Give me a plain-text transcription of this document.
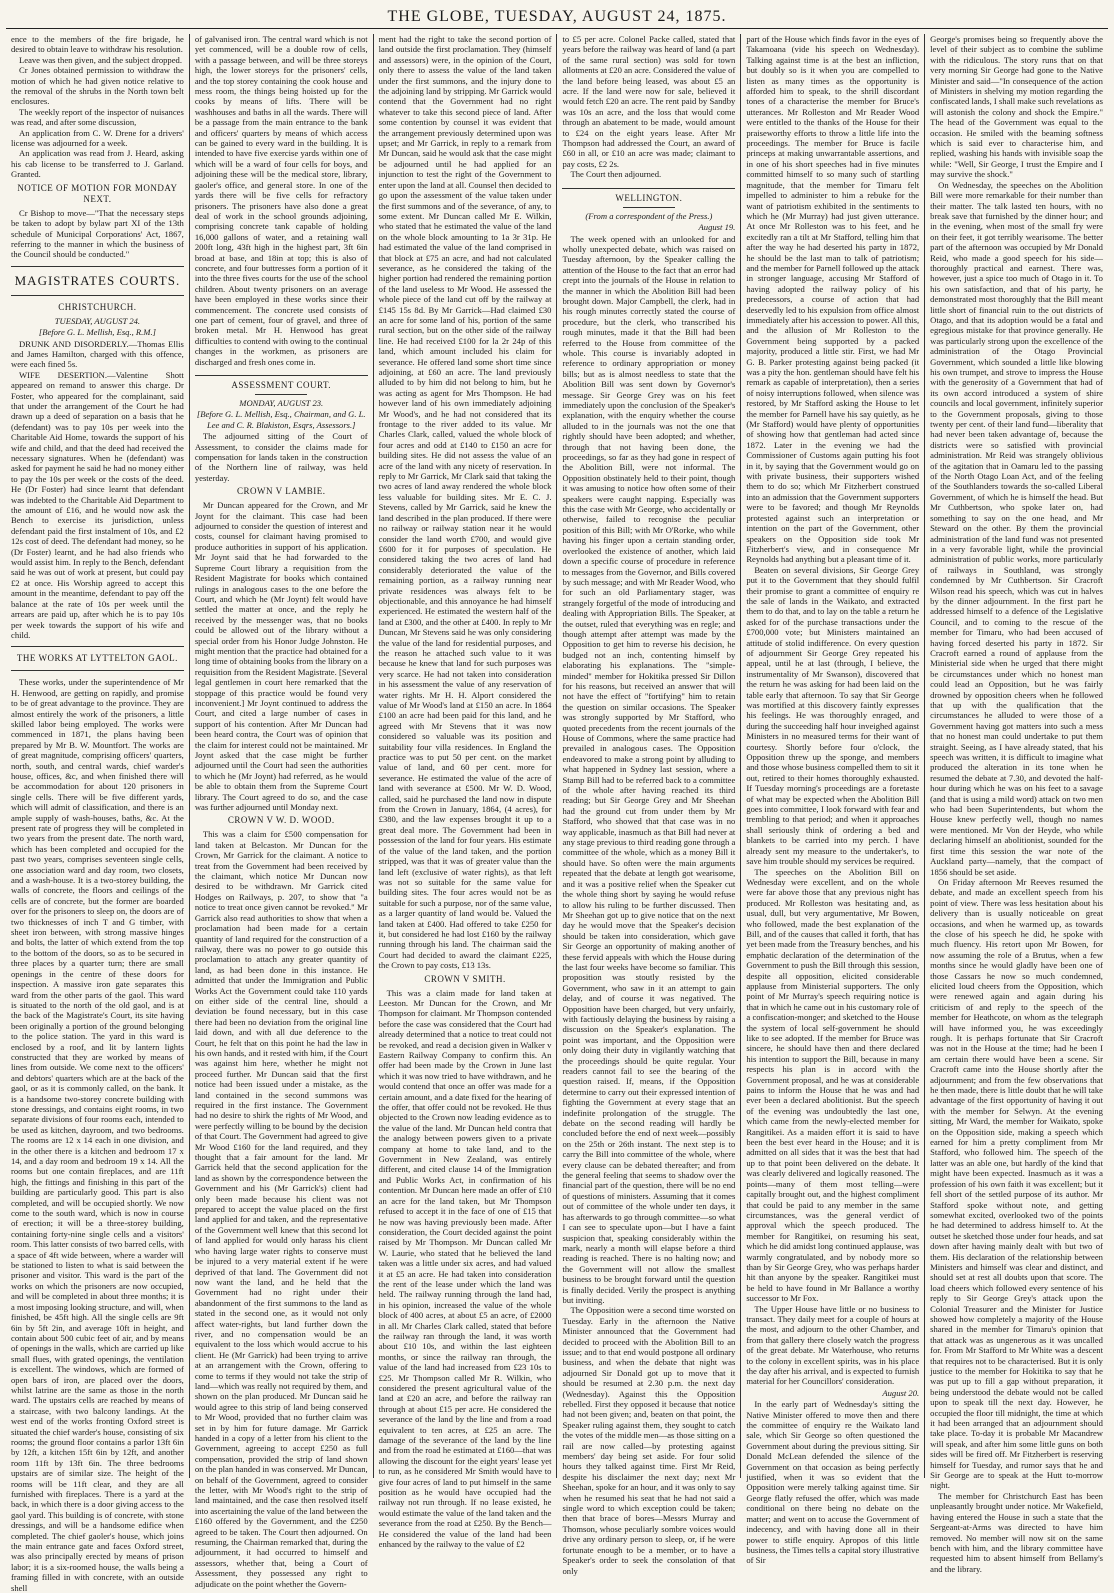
THE GLOBE, TUESDAY, AUGUST 24, 1875.

ence to the members of the fire brigade, he desired to obtain leave to withdraw his resolution.

Leave was then given, and the subject dropped.

Cr Jones obtained permission to withdraw the motion of which he had given notice relative to the removal of the shrubs in the North town belt enclosures.

The weekly report of the inspector of nuisances was read, and after some discussion,

An application from C. W. Drene for a drivers' license was adjourned for a week.

An application was read from J. Heard, asking his cab license to be transferred to J. Garland. Granted.

NOTICE OF MOTION FOR MONDAY NEXT.

Cr Bishop to move—"That the necessary steps be taken to adopt by bylaw part XI of the 13th schedule of Municipal Corporations' Act, 1867, referring to the manner in which the business of the Council should be conducted."

MAGISTRATES COURTS.
CHRISTCHURCH.
TUESDAY, AUGUST 24.
[Before G. L. Mellish, Esq., R.M.]

DRUNK AND DISORDERLY.—Thomas Ellis and James Hamilton, charged with this offence, were each fined 5s.

WIFE DESERTION.—Valentine Shott appeared on remand to answer this charge. Dr Foster, who appeared for the complainant, said that under the arrangement of the Court he had drawn up a deed of separation on a basis that he (defendant) was to pay 10s per week into the Charitable Aid Home, towards the support of his wife and child, and that the deed had received the necessary signatures. When he (defendant) was asked for payment he said he had no money either to pay the 10s per week or the costs of the deed. He (Dr Foster) had since learnt that defendant was indebted to the Charitable Aid Department to the amount of £16, and he would now ask the Bench to exercise its jurisdiction, unless defendant paid the first instalment of 10s, and £2 12s cost of deed. The defendant had money, so he (Dr Foster) learnt, and he had also friends who would assist him. In reply to the Bench, defendant said he was out of work at present, but could pay £2 at once. His Worship agreed to accept this amount in the meantime, defendant to pay off the balance at the rate of 10s per week until the arrears are paid up, after which he is to pay 10s per week towards the support of his wife and child.

THE WORKS AT LYTTELTON GAOL.

These works, under the superintendence of Mr H. Henwood, are getting on rapidly, and promise to be of great advantage to the province. They are almost entirely the work of the prisoners, a little skilled labor being employed. The works were commenced in 1871, the plans having been prepared by Mr B. W. Mountfort. The works are of great magnitude, comprising officers' quarters, north, south, and central wards, chief warder's house, offices, &c, and when finished there will be accommodation for about 120 prisoners in single cells. There will be five different yards, which will admit of classification, and there is an ample supply of wash-houses, baths, &c. At the present rate of progress they will be completed in two years from the present date. The north ward, which has been completed and occupied for the past two years, comprises seventeen single cells, one association ward and day room, two closets, and a wash-house. It is a two-storey building, the walls of concrete, the floors and ceilings of the cells are of concrete, but the former are boarded over for the prisoners to sleep on, the doors are of two thicknesses of inch T and G timber, with sheet iron between, with strong massive hinges and bolts, the latter of which extend from the top to the bottom of the doors, so as to be secured in three places by a quarter turn; there are small openings in the centre of these doors for inspection. A massive iron gate separates this ward from the other parts of the gaol. This ward is situated to the north of the old gaol, and is at the back of the Magistrate's Court, its site having been originally a portion of the ground belonging to the police station. The yard in this ward is enclosed by a roof, and lit by lantern lights constructed that they are worked by means of lines from outside. We come next to the officers' and debtors' quarters which are at the back of the gaol, or as it is commonly called, on the bank. It is a handsome two-storey concrete building with stone dressings, and contains eight rooms, in two separate divisions of four rooms each, intended to be used as kitchen, dayroom, and two bedrooms. The rooms are 12 x 14 each in one division, and in the other there is a kitchen and bedroom 17 x 14, and a day room and bedroom 19 x 14. All the rooms but one contain fireplaces, and are 11ft high, the fittings and finishing in this part of the building are particularly good. This part is also completed, and will be occupied shortly. We now come to the south ward, which is now in course of erection; it will be a three-storey building, containing forty-nine single cells and a visitors' room. This latter consists of two barred cells, with a space of 4ft wide between, where a warder will be stationed to listen to what is said between the prisoner and visitor. This ward is the part of the works on which the prisoners are now occupied, and will be completed in about three months; it is a most imposing looking structure, and will, when finished, be 45ft high. All the single cells are 9ft 6in by 5ft 2in, and average 10ft in height, and contain about 500 cubic feet of air, and by means of openings in the walls, which are carried up like small flues, with grated openings, the ventilation is excellent. The windows, which are formed of open bars of iron, are placed over the doors, whilst latrine are the same as those in the north ward. The upstairs cells are reached by means of a staircase, with two balcony landings. At the west end of the works fronting Oxford street is situated the chief warder's house, consisting of six rooms; the ground floor contains a parlor 13ft 6in by 12ft, a kitchen 15ft 6in by 12ft, and another room 11ft by 13ft 6in. The three bedrooms upstairs are of similar size. The height of the rooms will be 11ft clear, and they are all furnished with fireplaces. There is a yard at the back, in which there is a door giving access to the gaol yard. This building is of concrete, with stone dressings, and will be a handsome edifice when completed. The chief gaoler's house, which joins the main entrance gate and faces Oxford street, was also principally erected by means of prison labor; it is a six-roomed house, the walls being a framing filled in with concrete, with an outside shell

of galvanised iron. The central ward which is not yet commenced, will be a double row of cells, with a passage between, and will be three storeys high, the lower storeys for the prisoners' cells, and the top storey containing the cook house and mess room, the things being hoisted up for the cooks by means of lifts. There will be washhouses and baths in all the wards. There will be a passage from the main entrance to the bank and officers' quarters by means of which access can be gained to every ward in the building. It is intended to have five exercise yards within one of which will be a ward of four cells for boys, and adjoining these will be the medical store, library, gaoler's office, and general store. In one of the yards there will be five cells for refractory prisoners. The prisoners have also done a great deal of work in the school grounds adjoining, comprising concrete tank capable of holding 16,000 gallons of water, and a retaining wall 200ft long, 43ft high in the highest part, 3ft 6in broad at base, and 18in at top; this is also of concrete, and four buttresses form a portion of it into the three fives courts for the use of the school children. About twenty prisoners on an average have been employed in these works since their commencement. The concrete used consists of one part of cement, four of gravel, and three of broken metal. Mr H. Henwood has great difficulties to contend with owing to the continual changes in the workmen, as prisoners are discharged and fresh ones come in.

ASSESSMENT COURT.
MONDAY, AUGUST 23.
[Before G. L. Mellish, Esq., Chairman, and G. L. Lee and C. R. Blakiston, Esqrs, Assessors.]

The adjourned sitting of the Court of Assessment, to consider the claims made for compensation for lands taken in the construction of the Northern line of railway, was held yesterday.

CROWN V LAMBIE.

Mr Duncan appeared for the Crown, and Mr Joynt for the claimant. This case had been adjourned to consider the question of interest and costs, counsel for claimant having promised to produce authorities in support of his application. Mr Joynt said that he had forwarded to the Supreme Court library a requisition from the Resident Magistrate for books which contained rulings in analogous cases to the one before the Court, and which he (Mr Joynt) felt would have settled the matter at once, and the reply he received by the messenger was, that no books could be allowed out of the library without a special order from his Honor Judge Johnston. He might mention that the practice had obtained for a long time of obtaining books from the library on a requisition from the Resident Magistrate. [Several legal gentlemen in court here remarked that the stoppage of this practice would be found very inconvenient.] Mr Joynt continued to address the Court, and cited a large number of cases in support of his contention. After Mr Duncan had been heard contra, the Court was of opinion that the claim for interest could not be maintained. Mr Joynt asked that the case might be further adjourned until the Court had seen the authorities to which he (Mr Joynt) had referred, as he would be able to obtain them from the Supreme Court library. The Court agreed to do so, and the case was further adjourned until Monday next.

CROWN V W. D. WOOD.

This was a claim for £500 compensation for land taken at Belcaston. Mr Duncan for the Crown, Mr Garrick for the claimant. A notice to treat from the Government had been received by the claimant, which notice Mr Duncan now desired to be withdrawn. Mr Garrick cited Hodges on Railways, p. 207, to show that "a notice to treat once given cannot be revoked." Mr Garrick also read authorities to show that when a proclamation had been made for a certain quantity of land required for the construction of a railway, there was no power to go outside this proclamation to attach any greater quantity of land, as had been done in this instance. He admitted that under the Immigration and Public Works Act the Government could take 110 yards on either side of the central line, should a deviation be found necessary, but in this case there had been no deviation from the original line laid down, and with all due deference to the Court, he felt that on this point he had the law in his own hands, and it rested with him, if the Court was against him here, whether he might not proceed further. Mr Duncan said that the first notice had been issued under a mistake, as the land contained in the second summons was required in the first instance. The Government had no desire to shirk the rights of Mr Wood, and were perfectly willing to be bound by the decision of that Court. The Government had agreed to give Mr Wood £160 for the land required, and they thought that a fair amount for the land. Mr Garrick held that the second application for the land as shown by the correspondence between the Government and his (Mr Garrick's) client had only been made because his client was not prepared to accept the value placed on the first land applied for and taken, and the representative of the Government well knew that this second lot of land applied for would only harass his client who having large water rights to conserve must be injured to a very material extent if he were deprived of that land. The Government did not now want the land, and he held that the Government had no right under their abandonment of the first summons to the land as stated in the second one, as it would not only affect water-rights, but land further down the river, and no compensation would be an equivalent to the loss which would accrue to his client. He (Mr Garrick) had been trying to arrive at an arrangement with the Crown, offering to come to terms if they would not take the strip of land—which was really not required by them, and shown on the plan produced. Mr Duncan said he would agree to this strip of land being conserved to Mr Wood, provided that no further claim was set in by him for future damage. Mr Garrick handed in a copy of a letter from his client to the Government, agreeing to accept £250 as full compensation, provided the strip of land shown on the plan handed in was conserved. Mr Duncan, on behalf of the Government, agreed to consider the letter, with Mr Wood's right to the strip of land maintained, and the case then resolved itself into ascertaining the value of the land between the £160 offered by the Government, and the £250 agreed to be taken. The Court then adjourned. On resuming, the Chairman remarked that, during the adjournment, it had occurred to himself and assessors, whether that, being a Court of Assessment, they possessed any right to adjudicate on the point whether the Govern-

ment had the right to take the second portion of land outside the first proclamation. They (himself and assessors) were, in the opinion of the Court, only there to assess the value of the land taken under the first summons, and the injury done to the adjoining land by stripping. Mr Garrick would contend that the Government had no right whatever to take this second piece of land. After some contention by counsel it was evident that the arrangement previously determined upon was upset; and Mr Garrick, in reply to a remark from Mr Duncan, said he would ask that the case might be adjourned until he had applied for an injunction to test the right of the Government to enter upon the land at all. Counsel then decided to go upon the assessment of the value taken under the first summons and of the severance, of any, to some extent. Mr Duncan called Mr E. Wilkin, who stated that he estimated the value of the land on the whole block amounting to 1a 3r 31p. He had estimated the value of the land comprised in that block at £75 an acre, and had not calculated severance, as he considered the taking of the higher portion had rendered the remaining portion of the land useless to Mr Wood. He assessed the whole piece of the land cut off by the railway at £145 15s 8d. By Mr Garrick—Had claimed £30 an acre for some land of his, portion of the same rural section, but on the other side of the railway line. He had received £100 for la 2r 24p of this land, which amount included his claim for severance. He offered land some short time since adjoining, at £60 an acre. The land previously alluded to by him did not belong to him, but he was acting as agent for Mrs Thompson. He had however land of his own immediately adjoining Mr Wood's, and he had not considered that its frontage to the river added to its value. Mr Charles Clark, called, valued the whole block of four acres and odd at £140 to £150 an acre for building sites. He did not assess the value of an acre of the land with any nicety of reservation. In reply to Mr Garrick, Mr Clark said that taking the two acres of land away rendered the whole block less valuable for building sites. Mr E. C. J. Stevens, called by Mr Garrick, said he knew the land described in the plan produced. If there were no railway or railway station near it he would consider the land worth £700, and would give £600 for it for purposes of speculation. He considered taking the two acres of land had considerably deteriorated the value of the remaining portion, as a railway running near private residences was always felt to be objectionable, and this annoyance he had himself experienced. He estimated the western half of the land at £300, and the other at £400. In reply to Mr Duncan, Mr Stevens said he was only considering the value of the land for residential purposes, and the reason he attached such value to it was because he knew that land for such purposes was very scarce. He had not taken into consideration in his assessment the value of any reservation of water rights. Mr H. H. Alport considered the value of Mr Wood's land at £150 an acre. In 1864 £100 an acre had been paid for this land, and he agreed with Mr Stevens that it was now considered so valuable was its position and suitability four villa residences. In England the practice was to put 50 per cent. on the market value of land, and 60 per cent. more for severance. He estimated the value of the acre of land with severance at £500. Mr W. D. Wood, called, said he purchased the land now in dispute from the Crown in January, 1864, (4 acres), for £380, and the law expenses brought it up to a great deal more. The Government had been in possession of the land for four years. His estimate of the value of the land taken, and the portion stripped, was that it was of greater value than the land left (exclusive of water rights), as that left was not so suitable for the same value for building sites. The four acres would not be as suitable for such a purpose, nor of the same value, as a larger quantity of land would be. Valued the land taken at £400. Had offered to take £250 for it, but considered he had lost £160 by the railway running through his land. The chairman said the Court had decided to award the claimant £225, the Crown to pay costs, £13 13s.

CROWN V SMITH.

This was a claim made for land taken at Leeston. Mr Duncan for the Crown, and Mr Thompson for claimant. Mr Thompson contended before the case was considered that the Court had already determined that a notice to treat could not be revoked, and read a decision given in Walker v Eastern Railway Company to confirm this. An offer had been made by the Crown in June last which it was now tried to have withdrawn, and he would contend that once an offer was made for a certain amount, and a date fixed for the hearing of the offer, that offer could not be revoked. He thus objected to the Crown now leading evidence as to the value of the land. Mr Duncan held contra that the analogy between powers given to a private company at home to take land, and to the Government in New Zealand, was entirely different, and cited clause 14 of the Immigration and Public Works Act, in confirmation of his contention. Mr Duncan here made an offer of £10 an acre for the land taken, but Mr Thompson refused to accept it in the face of one of £15 that he now was having previously been made. After consideration, the Court decided against the point raised by Mr Thompson. Mr Duncan called Mr W. Laurie, who stated that he believed the land taken was a little under six acres, and had valued it at £5 an acre. He had taken into consideration the rent of the lease under which the land was held. The railway running through the land had, in his opinion, increased the value of the whole block of 400 acres, at about £5 an acre, of £2000 in all. Mr Charles Clark called, stated that before the railway ran through the land, it was worth about £10 10s, and within the last eighteen months, or since the railway ran through, the value of the land had increased from £23 10s to £25. Mr Thompson called Mr R. Wilkin, who considered the present agricultural value of the land at £20 an acre, and before the railway ran through at about £15 per acre. He considered the severance of the land by the line and from a road equivalent to ten acres, at £25 an acre. The damage of the severance of the land by the line and from the road he estimated at £160—that was allowing the discount for the eight years' lease yet to run, as he considered Mr Smith would have to give four acres of land to put himself in the same position as he would have occupied had the railway not run through. If no lease existed, he would estimate the value of the land taken and the severance from the road at £250. By the Bench—He considered the value of the land had been enhanced by the railway to the value of £2

to £5 per acre. Colonel Packe called, stated that years before the railway was heard of land (a part of the same rural section) was sold for town allotments at £20 an acre. Considered the value of the land before being leased, was about £5 an acre. If the land were now for sale, believed it would fetch £20 an acre. The rent paid by Sandby was 10s an acre, and the loss that would come through an abatement to be made, would amount to £24 on the eight years lease. After Mr Thompson had addressed the Court, an award of £60 in all, or £10 an acre was made; claimant to pay costs, £2 2s.

The Court then adjourned.

WELLINGTON.
(From a correspondent of the Press.)
August 19.

The week opened with an unlooked for and wholly unexpected debate, which was raised on Tuesday afternoon, by the Speaker calling the attention of the House to the fact that an error had crept into the journals of the House in relation to the manner in which the Abolition Bill had been brought down. Major Campbell, the clerk, had in his rough minutes correctly stated the course of procedure, but the clerk, who transcribed his rough minutes, made it that the Bill had been referred to the House from committee of the whole. This course is invariably adopted in reference to ordinary appropriation or money bills; but as is almost needless to state that the Abolition Bill was sent down by Governor's message. Sir George Grey was on his feet immediately upon the conclusion of the Speaker's explanation, with the enquiry whether the course alluded to in the journals was not the one that rightly should have been adopted; and whether, through that not having been done, the proceedings, so far as they had gone in respect of the Abolition Bill, were not informal. The Opposition obstinately held to their point, though it was amusing to notice how often some of their speakers were caught napping. Especially was this the case with Mr George, who accidentally or otherwise, failed to recognise the peculiar position of this Bill; with Mr O'Rorke, who while having his finger upon a certain standing order, overlooked the existence of another, which laid down a specific course of procedure in reference to messages from the Governor, and Bills covered by such message; and with Mr Reader Wood, who for such an old Parliamentary stager, was strangely forgetful of the mode of introducing and dealing with Appropriation Bills. The Speaker, at the outset, ruled that everything was en regle; and though attempt after attempt was made by the Opposition to get him to reverse his decision, he budged not an inch, contenting himself by elaborating his explanations. The "simple-minded" member for Hokitika pressed Sir Dillon for his reasons, but received an answer that will not have the effect of "fortifying" him to retain the question on similar occasions. The Speaker was strongly supported by Mr Stafford, who quoted precedents from the recent journals of the House of Commons, where the same practice had prevailed in analogous cases. The Opposition endeavored to make a strong point by alluding to what happened in Sydney last session, where a Stamp Bill had to be referred back to a committee of the whole after having reached its third reading; but Sir George Grey and Mr Sheehan had the ground cut from under them by Mr Stafford, who showed that that case was in no way applicable, inasmuch as that Bill had never at any stage previous to third reading gone through a committee of the whole, which as a money Bill it should have. So often were the main arguments repeated that the debate at length got wearisome, and it was a positive relief when the Speaker cut the whole thing short by saying he would refuse to allow his ruling to be further discussed. Then Mr Sheehan got up to give notice that on the next day he would move that the Speaker's decision should be taken into consideration, which gave Sir George an opportunity of making another of these fervid appeals with which the House during the last four weeks have become so familiar. This proposition was stoutly resisted by the Government, who saw in it an attempt to gain delay, and of course it was negatived. The Opposition have been charged, but very unfairly, with factiously delaying the business by raising a discussion on the Speaker's explanation. The point was important, and the Opposition were only doing their duty in vigilantly watching that the proceedings should be quite regular. Your readers cannot fail to see the bearing of the question raised. If, means, if the Opposition determine to carry out their expressed intention of fighting the Government at every stage that an indefinite prolongation of the struggle. The debate on the second reading will hardly be concluded before the end of next week—possibly on the 25th or 26th instant. The next step is to carry the Bill into committee of the whole, where every clause can be debated thereafter; and from the general feeling that seems to shadow over the financial part of the question, there will be no end of questions of ministers. Assuming that it comes out of committee of the whole under ten days, it has afterwards to go through committee—so what I can see to speculate upon—but I have a faint suspicion that, speaking considerably within the mark, nearly a month will elapse before a third reading is reached. There is no halting now; and the Government will not allow the smallest business to be brought forward until the question is finally decided. Verily the prospect is anything but inviting.

The Opposition were a second time worsted on Tuesday. Early in the afternoon the Native Minister announced that the Government had decided to proceed with the Abolition Bill to an issue; and to that end would postpone all ordinary business, and when the debate that night was adjourned Sir Donald got up to move that it should be resumed at 2.30 p.m. the next day (Wednesday). Against this the Opposition rebelled. First they opposed it because that notice had not been given; and, beaten on that point, the Speaker ruling against them, they sought to catch the votes of the middle men—as those sitting on a rail are now called—by protesting against members' day being set aside. For four solid hours they talked against time. First Mr Reid, despite his disclaimer the next day; next Mr Sheehan, spoke for an hour, and it was only to say when he resumed his seat that he had not said a single word to which exception could be taken; then that brace of bores—Messrs Murray and Thomson, whose peculiarly sombre voices would drive any ordinary person to sleep, or, if he were fortunate enough to be a member, or to have a Speaker's order to seek the consolation of that only

part of the House which finds favor in the eyes of Takamoana (vide his speech on Wednesday). Talking against time is at the best an infliction, but doubly so is it when you are compelled to listen as many times as the opportunity is afforded him to speak, to the shrill discordant tones of a characterise the member for Bruce's utterances. Mr Rolleston and Mr Reader Wood were entitled to the thanks of the House for their praiseworthy efforts to throw a little life into the proceedings. The member for Bruce is facile princeps at making unwarrantable assertions, and in one of his short speeches had in five minutes committed himself to so many such of startling magnitude, that the member for Timaru felt impelled to administer to him a rebuke for the want of patriotism exhibited in the sentiments to which he (Mr Murray) had just given utterance. At once Mr Rolleston was to his feet, and he excitedly ran a tilt at Mr Stafford, telling him that after the way he had deserted his party in 1872, he should be the last man to talk of patriotism; and the member for Parnell followed up the attack in stronger language, accusing Mr Stafford of having adopted the railway policy of his predecessors, a course of action that had deservedly led to his expulsion from office almost immediately after his accession to power. All this, and the allusion of Mr Rolleston to the Government being supported by a packed majority, produced a little stir. First, we had Mr G. B. Parker protesting against being packed (it was a pity the hon. gentleman should have felt his remark as capable of interpretation), then a series of noisy interruptions followed, when silence was restored, by Mr Stafford asking the House to let the member for Parnell have his say quietly, as he (Mr Stafford) would have plenty of opportunities of showing how that gentleman had acted since 1872. Later in the evening we had the Commissioner of Customs again putting his foot in it, by saying that the Government would go on with private business, their supporters wished them to do so; which Mr Fitzherbert construed into an admission that the Government supporters were to be favored; and though Mr Reynolds protested against such an interpretation or intention on the part of the Government, other speakers on the Opposition side took Mr Fitzherbert's view, and in consequence Mr Reynolds had anything but a pleasant time of it.

Beaten on several divisions, Sir George Grey put it to the Government that they should fulfil their promise to grant a committee of enquiry re the sale of lands in the Waikato, and extracted them to do that, and to lay on the table a return he asked for of the purchase transactions under the £700,000 vote; but Ministers maintained an attitude of stolid indifference. On every question of adjournment Sir George Grey repeated his appeal, until he at last (through, I believe, the instrumentality of Mr Swanson), discovered that the return he was asking for had been laid on the table early that afternoon. To say that Sir George was mortified at this discovery faintly expresses his feelings. He was thoroughly enraged, and during the succeeding half hour inveighed against Ministers in no measured terms for their want of courtesy. Shortly before four o'clock, the Opposition threw up the sponge, and members and those whose business compelled them to sit it out, retired to their homes thoroughly exhausted. If Tuesday morning's proceedings are a foretaste of what may be expected when the Abolition Bill goes into committee, I look forward with fear and trembling to that period; and when it approaches shall seriously think of ordering a bed and blankets to be carried into my perch. I have already sent my measure to the undertaker's, to save him trouble should my services be required.

The speeches on the Abolition Bill on Wednesday were excellent, and on the whole were far above those that any previous night has produced. Mr Rolleston was hesitating and, as usual, dull, but very argumentative, Mr Bowen, who followed, made the best explanation of the Bill, and of the causes that called it forth, that has yet been made from the Treasury benches, and his emphatic declaration of the determination of the Government to push the Bill through this session, despite all opposition, elicited considerable applause from Ministerial supporters. The only point of Mr Murray's speech requiring notice is that in which he came out in his customary role of a confiscation-monger; and sketched to the House the system of local self-government he should like to see adopted. If the member for Bruce was sincere, he should have then and there declared his intention to support the Bill, because in many respects his plan is in accord with the Government proposal, and he was at considerable pains to inform the House that he was and had ever been a declared abolitionist. But the speech of the evening was undoubtedly the last one, which came from the newly-elected member for Rangitikei. As a maiden effort it is said to have been the best ever heard in the House; and it is admitted on all sides that it was the best that had up to that point been delivered on the debate. It was clearly delivered and logically reasoned. The points—many of them most telling—were capitally brought out, and the highest compliment that could be paid to any member in the same circumstances, was the general verdict of approval which the speech produced. The member for Rangitikei, on resuming his seat, which he did amidst long continued applause, was warmly congratulated, and by nobody more so than by Sir George Grey, who was perhaps harder hit than anyone by the speaker. Rangitikei must be held to have found in Mr Ballance a worthy successor to Mr Fox.

The Upper House have little or no business to transact. They daily meet for a couple of hours at the most, and adjourn to the other Chamber, and from that gallery there closely watch the progress of the great debate. Mr Waterhouse, who returns to the colony in excellent spirits, was in his place the day after his arrival, and is expected to furnish material for her Councillors' consideration.

August 20.

In the early part of Wednesday's sitting the Native Minister offered to move then and there the committee of enquiry re the Waikato land sale, which Sir George so often questioned the Government about during the previous sitting. Sir Donald McLean defended the silence of the Government on that occasion as being perfectly justified, when it was so evident that the Opposition were merely talking against time. Sir George flatly refused the offer, which was made conditional on there being no debate on the matter; and went on to accuse the Government of indecency, and with having done all in their power to stifle enquiry. Apropos of this little business, the Times tells a capital story illustrative of Sir

George's promises being so frequently above the level of their subject as to combine the sublime with the ridiculous. The story runs that on that very morning Sir George had gone to the Native Minister and said—"In consequence of the action of Ministers in shelving my motion regarding the confiscated lands, I shall make such revelations as will astonish the colony and shock the Empire." The head of the Government was equal to the occasion. He smiled with the beaming softness which is said ever to characterise him, and replied, washing his hands with invisible soap the while: "Well, Sir George, I trust the Empire and I may survive the shock."

On Wednesday, the speeches on the Abolition Bill were more remarkable for their number than their matter. The talk lasted ten hours, with no break save that furnished by the dinner hour; and in the evening, when most of the small fry were on their feet, it got terribly wearisome. The better part of the afternoon was occupied by Mr Donald Reid, who made a good speech for his side—thoroughly practical and earnest. There was, however, just a spice too much of Otago in it. To his own satisfaction, and that of his party, he demonstrated most thoroughly that the Bill meant little short of financial ruin to the out districts of Otago, and that its adoption would be a fatal and egregious mistake for that province generally. He was particularly strong upon the excellence of the administration of the Otago Provincial Government, which sounded a little like blowing his own trumpet, and strove to impress the House with the generosity of a Government that had of its own accord introduced a system of shire councils and local government, infinitely superior to the Government proposals, giving to those twenty per cent. of their land fund—liberality that had never been taken advantage of, because the districts were so satisfied with provincial administration. Mr Reid was strangely oblivious of the agitation that in Oamaru led to the passing of the North Otago Loan Act, and of the feeling of the Southlanders towards the so-called Liberal Government, of which he is himself the head. But Mr Cuthbertson, who spoke later on, had something to say on the one head, and Mr Steward on the other. By them the provincial administration of the land fund was not presented in a very favorable light, while the provincial administration of public works, more particularly of railways in Southland, was strongly condemned by Mr Cuthbertson. Sir Cracroft Wilson read his speech, which was cut in halves by the dinner adjournment. In the first part he addressed himself to a defence of the Legislative Council, and to coming to the rescue of the member for Timaru, who had been accused of having forced deserted his party in 1872. Sir Cracroft earned a round of applause from the Ministerial side when he urged that there might be circumstances under which no honest man could lead an Opposition, but he was fairly drowned by opposition cheers when he followed that up with the qualification that the circumstances he alluded to were those of a Government having got matters into such a mess that no honest man could undertake to put them straight. Seeing, as I have already stated, that his speech was written, it is difficult to imagine what produced the alteration in its tone when he resumed the debate at 7.30, and devoted the half-hour during which he was on his feet to a savage (and that is using a mild word) attack on two men who had been Superintendents, but whom the House knew perfectly well, though no names were mentioned. Mr Von der Heyde, who while declaring himself an abolitionist, sounded for the first time this session the war note of the Auckland party—namely, that the compact of 1856 should be set aside.

On Friday afternoon Mr Reeves resumed the debate, and made an excellent speech from his point of view. There was less hesitation about his delivery than is usually noticeable on great occasions, and when he warmed up, as towards the close of his speech he did, he spoke with much fluency. His retort upon Mr Bowen, for now assuming the role of a Brutus, when a few months since he would gladly have been one of those Cassars he now so much condemned, elicited loud cheers from the Opposition, which were renewed again and again during his criticism of and reply to the speech of the member for Heathcote, on whom as the telegraph will have informed you, he was exceedingly rough. It is perhaps fortunate that Sir Cracroft was not in the House at the time; had he been I am certain there would have been a scene. Sir Cracroft came into the House shortly after the adjournment; and from the few observations that he then made, there is little doubt that he will take advantage of the first opportunity of having it out with the member for Selwyn. At the evening sitting, Mr Ward, the member for Waikato, spoke on the Opposition side, making a speech which earned for him a pretty compliment from Mr Stafford, who followed him. The speech of the latter was an able one, but hardly of the kind that might have been expected. Inasmuch as it was a profession of his own faith it was excellent; but it fell short of the settled purpose of its author. Mr Stafford spoke without note, and getting somewhat excited, overlooked two of the points he had determined to address himself to. At the outset he sketched those under four heads, and sat down after having mainly dealt with but two of them. His declaration of the relationship between Ministers and himself was clear and distinct, and should set at rest all doubts upon that score. The load cheers which followed every sentence of his reply to Sir George Grey's attack upon the Colonial Treasurer and the Minister for Justice showed how completely a majority of the House shared in the member for Timaru's opinion that that attack was as ungenerous as it was uncalled for. From Mr Stafford to Mr White was a descent that requires not to be characterised. But it is only justice to the member for Hokitika to say that he was put up to fill a gap without preparation, it being understood the debate would not be called upon to speak till the next day. However, he occupied the floor till midnight, the time at which it had been arranged that an adjournment should take place. To-day it is probable Mr Macandrew will speak, and after him some little guns on both sides will be fired off. Mr Fitzherbert is reserving himself for Tuesday, and rumor says that he and Sir George are to speak at the Hutt to-morrow night.

The member for Christchurch East has been unpleasantly brought under notice. Mr Wakefield, having entered the House in such a state that the Sergeant-at-Arms was directed to have him removed. No member will now sit on the same bench with him, and the library committee have requested him to absent himself from Bellamy's and the library.
